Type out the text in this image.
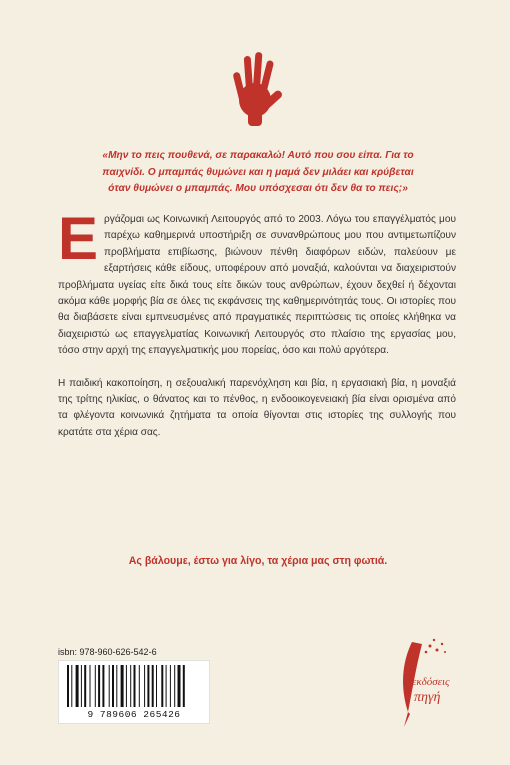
«Μην το πεις πουθενά, σε παρακαλώ! Αυτό που σου είπα. Για το

παιχνίδι. Ο μπαμπάς θυμώνει και η μαμά δεν μιλάει και κρύβεται

όταν θυμώνει ο μπαμπάς. Μου υπόσχεσαι ότι δεν θα το πεις;»

Εργάζομαι ως Κοινωνική Λειτουργός από το 2003. Λόγω του επαγγέλματός μου παρέχω καθημερινά υποστήριξη σε συνανθρώπους μου που αντιμετωπίζουν προβλήματα επιβίωσης, βιώνουν πένθη διαφόρων ειδών, παλεύουν με εξαρτήσεις κάθε είδους, υποφέρουν από μοναξιά, καλούνται να διαχειριστούν προβλήματα υγείας είτε δικά τους είτε δικών τους ανθρώπων, έχουν δεχθεί ή δέχονται ακόμα κάθε μορφής βία σε όλες τις εκφάνσεις της καθημερινότητάς τους. Οι ιστορίες που θα διαβάσετε είναι εμπνευσμένες από πραγματικές περιπτώσεις τις οποίες κλήθηκα να διαχειριστώ ως επαγγελματίας Κοινωνική Λειτουργός στο πλαίσιο της εργασίας μου, τόσο στην αρχή της επαγγελματικής μου πορείας, όσο και πολύ αργότερα.

Η παιδική κακοποίηση, η σεξουαλική παρενόχληση και βία, η εργασιακή βία, η μοναξιά της τρίτης ηλικίας, ο θάνατος και το πένθος, η ενδοοικογενειακή βία είναι ορισμένα από τα φλέγοντα κοινωνικά ζητήματα τα οποία θίγονται στις ιστορίες της συλλογής που κρατάτε στα χέρια σας.

Ας βάλουμε, έστω για λίγο, τα χέρια μας στη φωτιά.
isbn: 978-960-626-542-6
9 789606 265426
εκδόσεις
πηγή
